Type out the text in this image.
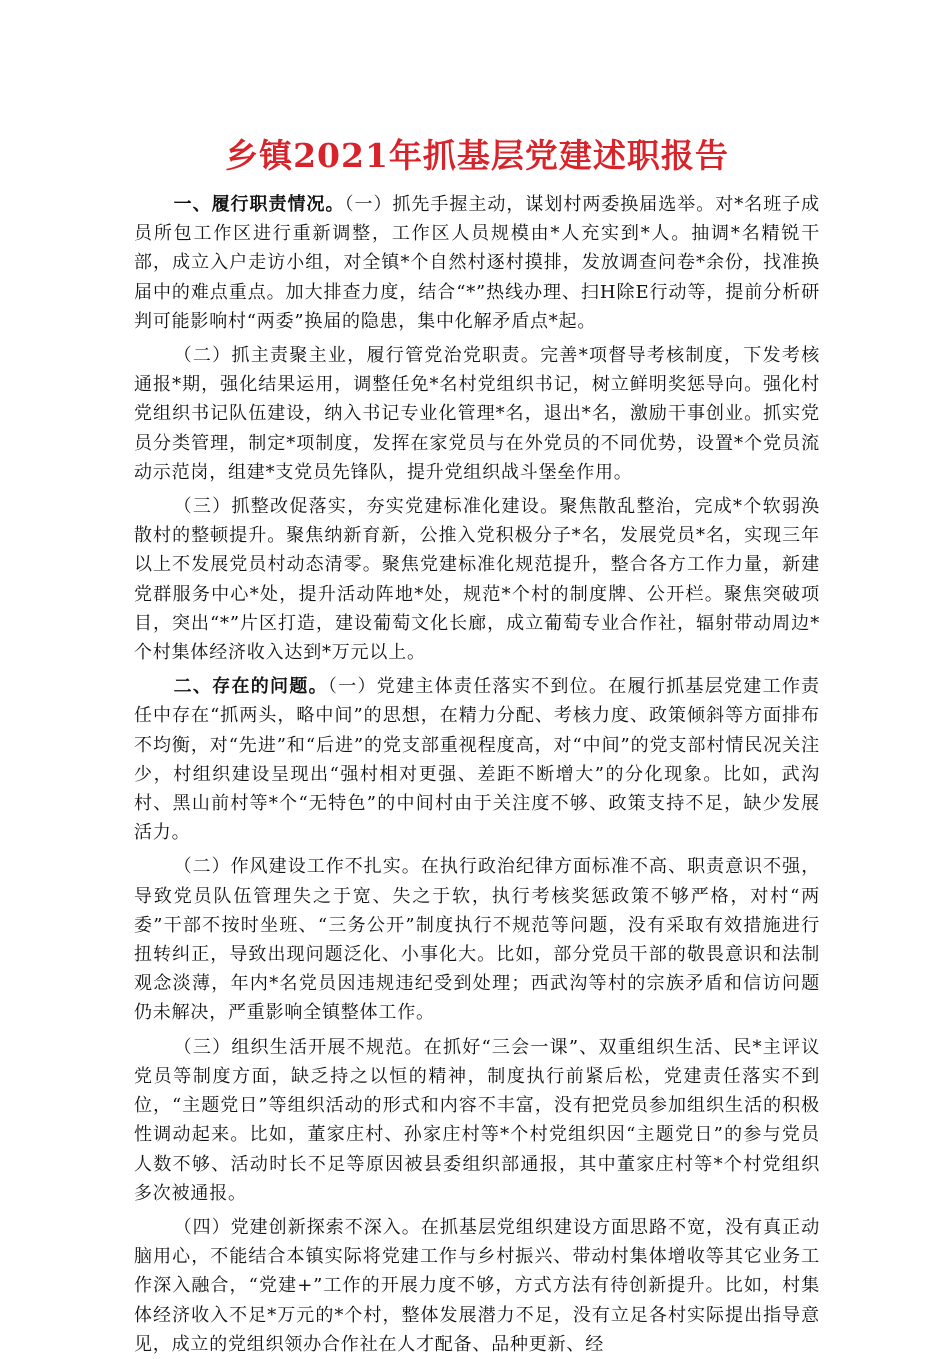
乡镇2021年抓基层党建述职报告

一、履行职责情况。（一）抓先手握主动，谋划村两委换届选举。对*名班子成员所包工作区进行重新调整，工作区人员规模由*人充实到*人。抽调*名精锐干部，成立入户走访小组，对全镇*个自然村逐村摸排，发放调查问卷*余份，找准换届中的难点重点。加大排查力度，结合“*”热线办理、扫H除E行动等，提前分析研判可能影响村“两委”换届的隐患，集中化解矛盾点*起。

（二）抓主责聚主业，履行管党治党职责。完善*项督导考核制度，下发考核通报*期，强化结果运用，调整任免*名村党组织书记，树立鲜明奖惩导向。强化村党组织书记队伍建设，纳入书记专业化管理*名，退出*名，激励干事创业。抓实党员分类管理，制定*项制度，发挥在家党员与在外党员的不同优势，设置*个党员流动示范岗，组建*支党员先锋队，提升党组织战斗堡垒作用。

（三）抓整改促落实，夯实党建标准化建设。聚焦散乱整治，完成*个软弱涣散村的整顿提升。聚焦纳新育新，公推入党积极分子*名，发展党员*名，实现三年以上不发展党员村动态清零。聚焦党建标准化规范提升，整合各方工作力量，新建党群服务中心*处，提升活动阵地*处，规范*个村的制度牌、公开栏。聚焦突破项目，突出“*”片区打造，建设葡萄文化长廊，成立葡萄专业合作社，辐射带动周边*个村集体经济收入达到*万元以上。

二、存在的问题。（一）党建主体责任落实不到位。在履行抓基层党建工作责任中存在“抓两头，略中间”的思想，在精力分配、考核力度、政策倾斜等方面排布不均衡，对“先进”和“后进”的党支部重视程度高，对“中间”的党支部村情民况关注少，村组织建设呈现出“强村相对更强、差距不断增大”的分化现象。比如，武沟村、黑山前村等*个“无特色”的中间村由于关注度不够、政策支持不足，缺少发展活力。

（二）作风建设工作不扎实。在执行政治纪律方面标准不高、职责意识不强，导致党员队伍管理失之于宽、失之于软，执行考核奖惩政策不够严格，对村“两委”干部不按时坐班、“三务公开”制度执行不规范等问题，没有采取有效措施进行扭转纠正，导致出现问题泛化、小事化大。比如，部分党员干部的敬畏意识和法制观念淡薄，年内*名党员因违规违纪受到处理；西武沟等村的宗族矛盾和信访问题仍未解决，严重影响全镇整体工作。

（三）组织生活开展不规范。在抓好“三会一课”、双重组织生活、民*主评议党员等制度方面，缺乏持之以恒的精神，制度执行前紧后松，党建责任落实不到位，“主题党日”等组织活动的形式和内容不丰富，没有把党员参加组织生活的积极性调动起来。比如，董家庄村、孙家庄村等*个村党组织因“主题党日”的参与党员人数不够、活动时长不足等原因被县委组织部通报，其中董家庄村等*个村党组织多次被通报。

（四）党建创新探索不深入。在抓基层党组织建设方面思路不宽，没有真正动脑用心，不能结合本镇实际将党建工作与乡村振兴、带动村集体增收等其它业务工作深入融合，“党建+”工作的开展力度不够，方式方法有待创新提升。比如，村集体经济收入不足*万元的*个村，整体发展潜力不足，没有立足各村实际提出指导意见，成立的党组织领办合作社在人才配备、品种更新、经
